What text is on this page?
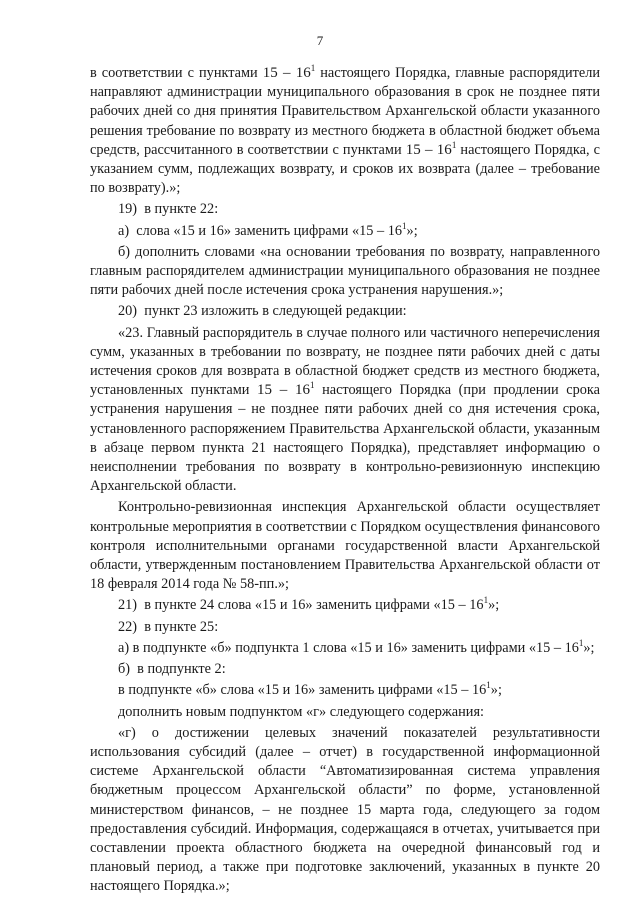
7

в соответствии с пунктами $15 - 16^1$ настоящего Порядка, главные распорядители направляют администрации муниципального образования в срок не позднее пяти рабочих дней со дня принятия Правительством Архангельской области указанного решения требование по возврату из местного бюджета в областной бюджет объема средств, рассчитанного в соответствии с пунктами $15 - 16^1$ настоящего Порядка, с указанием сумм, подлежащих возврату, и сроков их возврата (далее – требование по возврату).»;

19)  в пункте 22:

а)  слова «15 и 16» заменить цифрами «$15 - 16^1$»;

б) дополнить словами «на основании требования по возврату, направленного главным распорядителем администрации муниципального образования не позднее пяти рабочих дней после истечения срока устранения нарушения.»;

20)  пункт 23 изложить в следующей редакции:

«23. Главный распорядитель в случае полного или частичного неперечисления сумм, указанных в требовании по возврату, не позднее пяти рабочих дней с даты истечения сроков для возврата в областной бюджет средств из местного бюджета, установленных пунктами $15 - 16^1$ настоящего Порядка (при продлении срока устранения нарушения – не позднее пяти рабочих дней со дня истечения срока, установленного распоряжением Правительства Архангельской области, указанным в абзаце первом пункта 21 настоящего Порядка), представляет информацию о неисполнении требования по возврату в контрольно-ревизионную инспекцию Архангельской области.

Контрольно-ревизионная инспекция Архангельской области осуществляет контрольные мероприятия в соответствии с Порядком осуществления финансового контроля исполнительными органами государственной власти Архангельской области, утвержденным постановлением Правительства Архангельской области от 18 февраля 2014 года № 58-пп.»;

21)  в пункте 24 слова «15 и 16» заменить цифрами «$15 - 16^1$»;

22)  в пункте 25:

а) в подпункте «б» подпункта 1 слова «15 и 16» заменить цифрами «$15 - 16^1$»;

б)  в подпункте 2:

в подпункте «б» слова «15 и 16» заменить цифрами «$15 - 16^1$»;

дополнить новым подпунктом «г» следующего содержания:

«г) о достижении целевых значений показателей результативности использования субсидий (далее – отчет) в государственной информационной системе Архангельской области “Автоматизированная система управления бюджетным процессом Архангельской области” по форме, установленной министерством финансов, – не позднее 15 марта года, следующего за годом предоставления субсидий. Информация, содержащаяся в отчетах, учитывается при составлении проекта областного бюджета на очередной финансовый год и плановый период, а также при подготовке заключений, указанных в пункте 20 настоящего Порядка.»;
